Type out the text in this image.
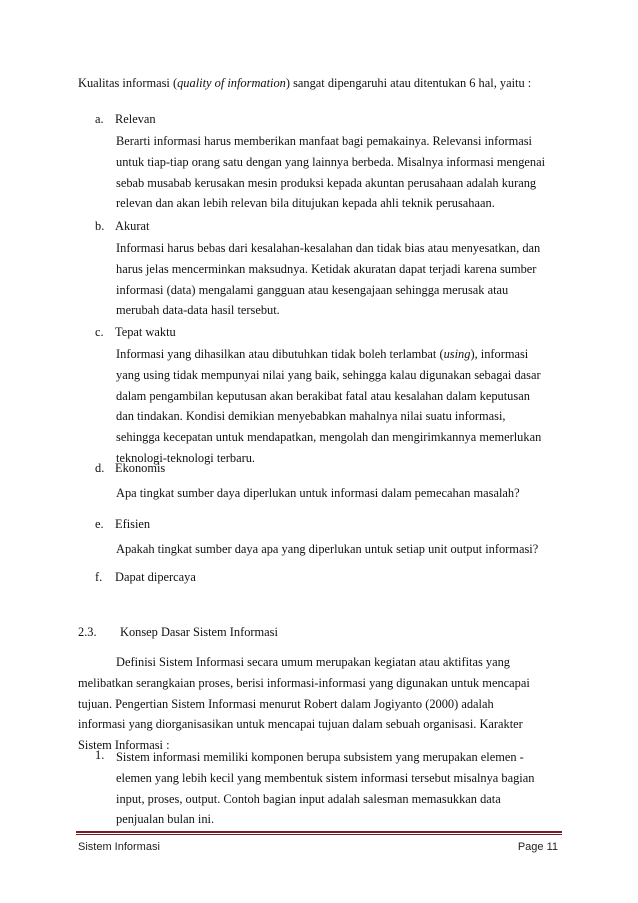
Kualitas informasi (quality of information) sangat dipengaruhi atau ditentukan 6 hal, yaitu :
a. Relevan
Berarti informasi harus memberikan manfaat bagi pemakainya. Relevansi informasi
untuk tiap-tiap orang satu dengan yang lainnya berbeda. Misalnya informasi mengenai
sebab musabab kerusakan mesin produksi kepada akuntan perusahaan adalah kurang
relevan dan akan lebih relevan bila ditujukan kepada ahli teknik perusahaan.
b. Akurat
Informasi harus bebas dari kesalahan-kesalahan dan tidak bias atau menyesatkan, dan
harus jelas mencerminkan maksudnya. Ketidak akuratan dapat terjadi karena sumber
informasi (data) mengalami gangguan atau kesengajaan sehingga merusak atau
merubah data-data hasil tersebut.
c. Tepat waktu
Informasi yang dihasilkan atau dibutuhkan tidak boleh terlambat (using), informasi
yang using tidak mempunyai nilai yang baik, sehingga kalau digunakan sebagai dasar
dalam pengambilan keputusan akan berakibat fatal atau kesalahan dalam keputusan
dan tindakan. Kondisi demikian menyebabkan mahalnya nilai suatu informasi,
sehingga kecepatan untuk mendapatkan, mengolah dan mengirimkannya memerlukan
teknologi-teknologi terbaru.
d. Ekonomis
Apa tingkat sumber daya diperlukan untuk informasi dalam pemecahan masalah?
e. Efisien
Apakah tingkat sumber daya apa yang diperlukan untuk setiap unit output informasi?
f. Dapat dipercaya
2.3. Konsep Dasar Sistem Informasi
Definisi Sistem Informasi secara umum merupakan kegiatan atau aktifitas yang
melibatkan serangkaian proses, berisi informasi-informasi yang digunakan untuk mencapai
tujuan. Pengertian Sistem Informasi menurut Robert dalam Jogiyanto (2000) adalah
informasi yang diorganisasikan untuk mencapai tujuan dalam sebuah organisasi. Karakter
Sistem Informasi :
1. Sistem informasi memiliki komponen berupa subsistem yang merupakan elemen -
elemen yang lebih kecil yang membentuk sistem informasi tersebut misalnya bagian
input, proses, output. Contoh bagian input adalah salesman memasukkan data
penjualan bulan ini.
Sistem Informasi	Page 11
